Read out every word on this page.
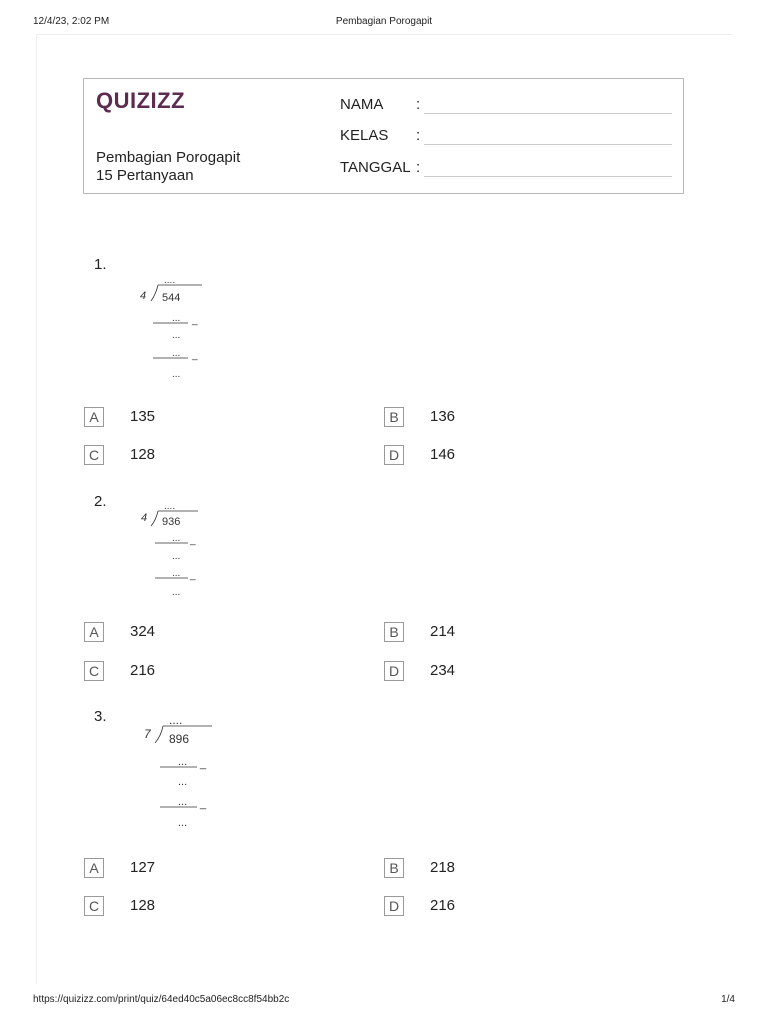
12/4/23, 2:02 PM	Pembagian Porogapit
QUIZIZZ
Pembagian Porogapit
15 Pertanyaan
NAMA :
KELAS :
TANGGAL :
1.
....
4 544
... _
...
... _
...
A	135	B	136
C	128	D	146
2.	....
4 936
... _
...
... _
...
A	324	B	214
C	216	D	234
3.	....
7 896
... _
...
... _
...
A	127	B	218
C	128	D	216
https://quizizz.com/print/quiz/64ed40c5a06ec8cc8f54bb2c	1/4
